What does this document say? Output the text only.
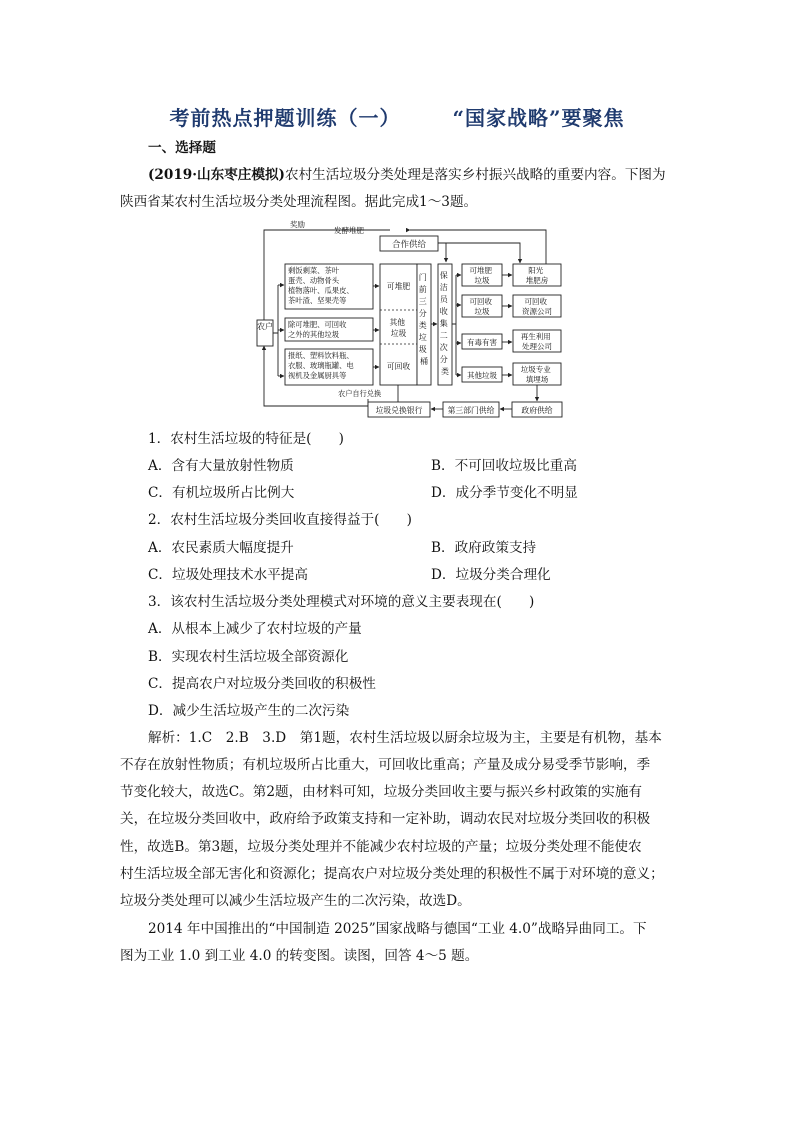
考前热点押题训练（一）	“国家战略”要聚焦
一、选择题
(2019·山东枣庄模拟)农村生活垃圾分类处理是落实乡村振兴战略的重要内容。下图为
陕西省某农村生活垃圾分类处理流程图。据此完成1～3题。
奖励
发酵堆肥
合作供给
农户
剩饭剩菜、茶叶 蛋壳、动物骨头 植物落叶、瓜果皮、 茶叶渣、坚果壳等
除可堆肥、可回收 之外的其他垃圾
报纸、塑料饮料瓶、 衣服、玻璃瓶罐、电 视机及金属厨具等
可堆肥
其他 垃圾
可回收
门 前 三 分 类 垃 圾 桶
保 洁 员 收 集 二 次 分 类
可堆肥 垃圾
可回收 垃圾
有毒有害
其他垃圾
阳光 堆肥房
可回收 资源公司
再生利用 处理公司
垃圾专业 填埋场
农户自行兑换
垃圾兑换银行	第三部门供给	政府供给
1．农村生活垃圾的特征是(　　)
A．含有大量放射性物质	B．不可回收垃圾比重高
C．有机垃圾所占比例大	D．成分季节变化不明显
2．农村生活垃圾分类回收直接得益于(　　)
A．农民素质大幅度提升	B．政府政策支持
C．垃圾处理技术水平提高	D．垃圾分类合理化
3．该农村生活垃圾分类处理模式对环境的意义主要表现在(　　)
A．从根本上减少了农村垃圾的产量
B．实现农村生活垃圾全部资源化
C．提高农户对垃圾分类回收的积极性
D．减少生活垃圾产生的二次污染
解析：1.C　2.B　3.D　第1题，农村生活垃圾以厨余垃圾为主，主要是有机物，基本
不存在放射性物质；有机垃圾所占比重大，可回收比重高；产量及成分易受季节影响，季
节变化较大，故选C。第2题，由材料可知，垃圾分类回收主要与振兴乡村政策的实施有
关，在垃圾分类回收中，政府给予政策支持和一定补助，调动农民对垃圾分类回收的积极
性，故选B。第3题，垃圾分类处理并不能减少农村垃圾的产量；垃圾分类处理不能使农
村生活垃圾全部无害化和资源化；提高农户对垃圾分类处理的积极性不属于对环境的意义；
垃圾分类处理可以减少生活垃圾产生的二次污染，故选D。
2014 年中国推出的“中国制造 2025”国家战略与德国“工业 4.0”战略异曲同工。下
图为工业 1.0 到工业 4.0 的转变图。读图，回答 4～5 题。
